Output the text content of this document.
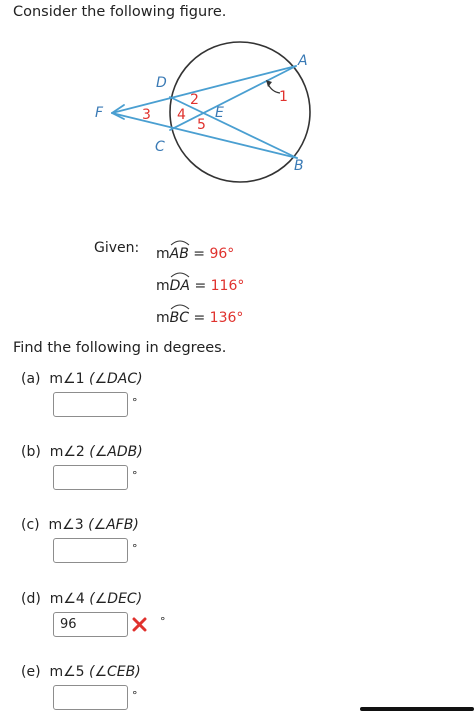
Consider the following figure.
A
B
C
D
E
F
1
2
3 4
5
Given: m
AB = 96°
m
DA = 116°
m
BC = 136°
Find the following in degrees.
(a) m∠1 (∠DAC)
°
(b) m∠2 (∠ADB)
°
(c) m∠3 (∠AFB)
°
(d) m∠4 (∠DEC)
96
°
(e) m∠5 (∠CEB)
°
